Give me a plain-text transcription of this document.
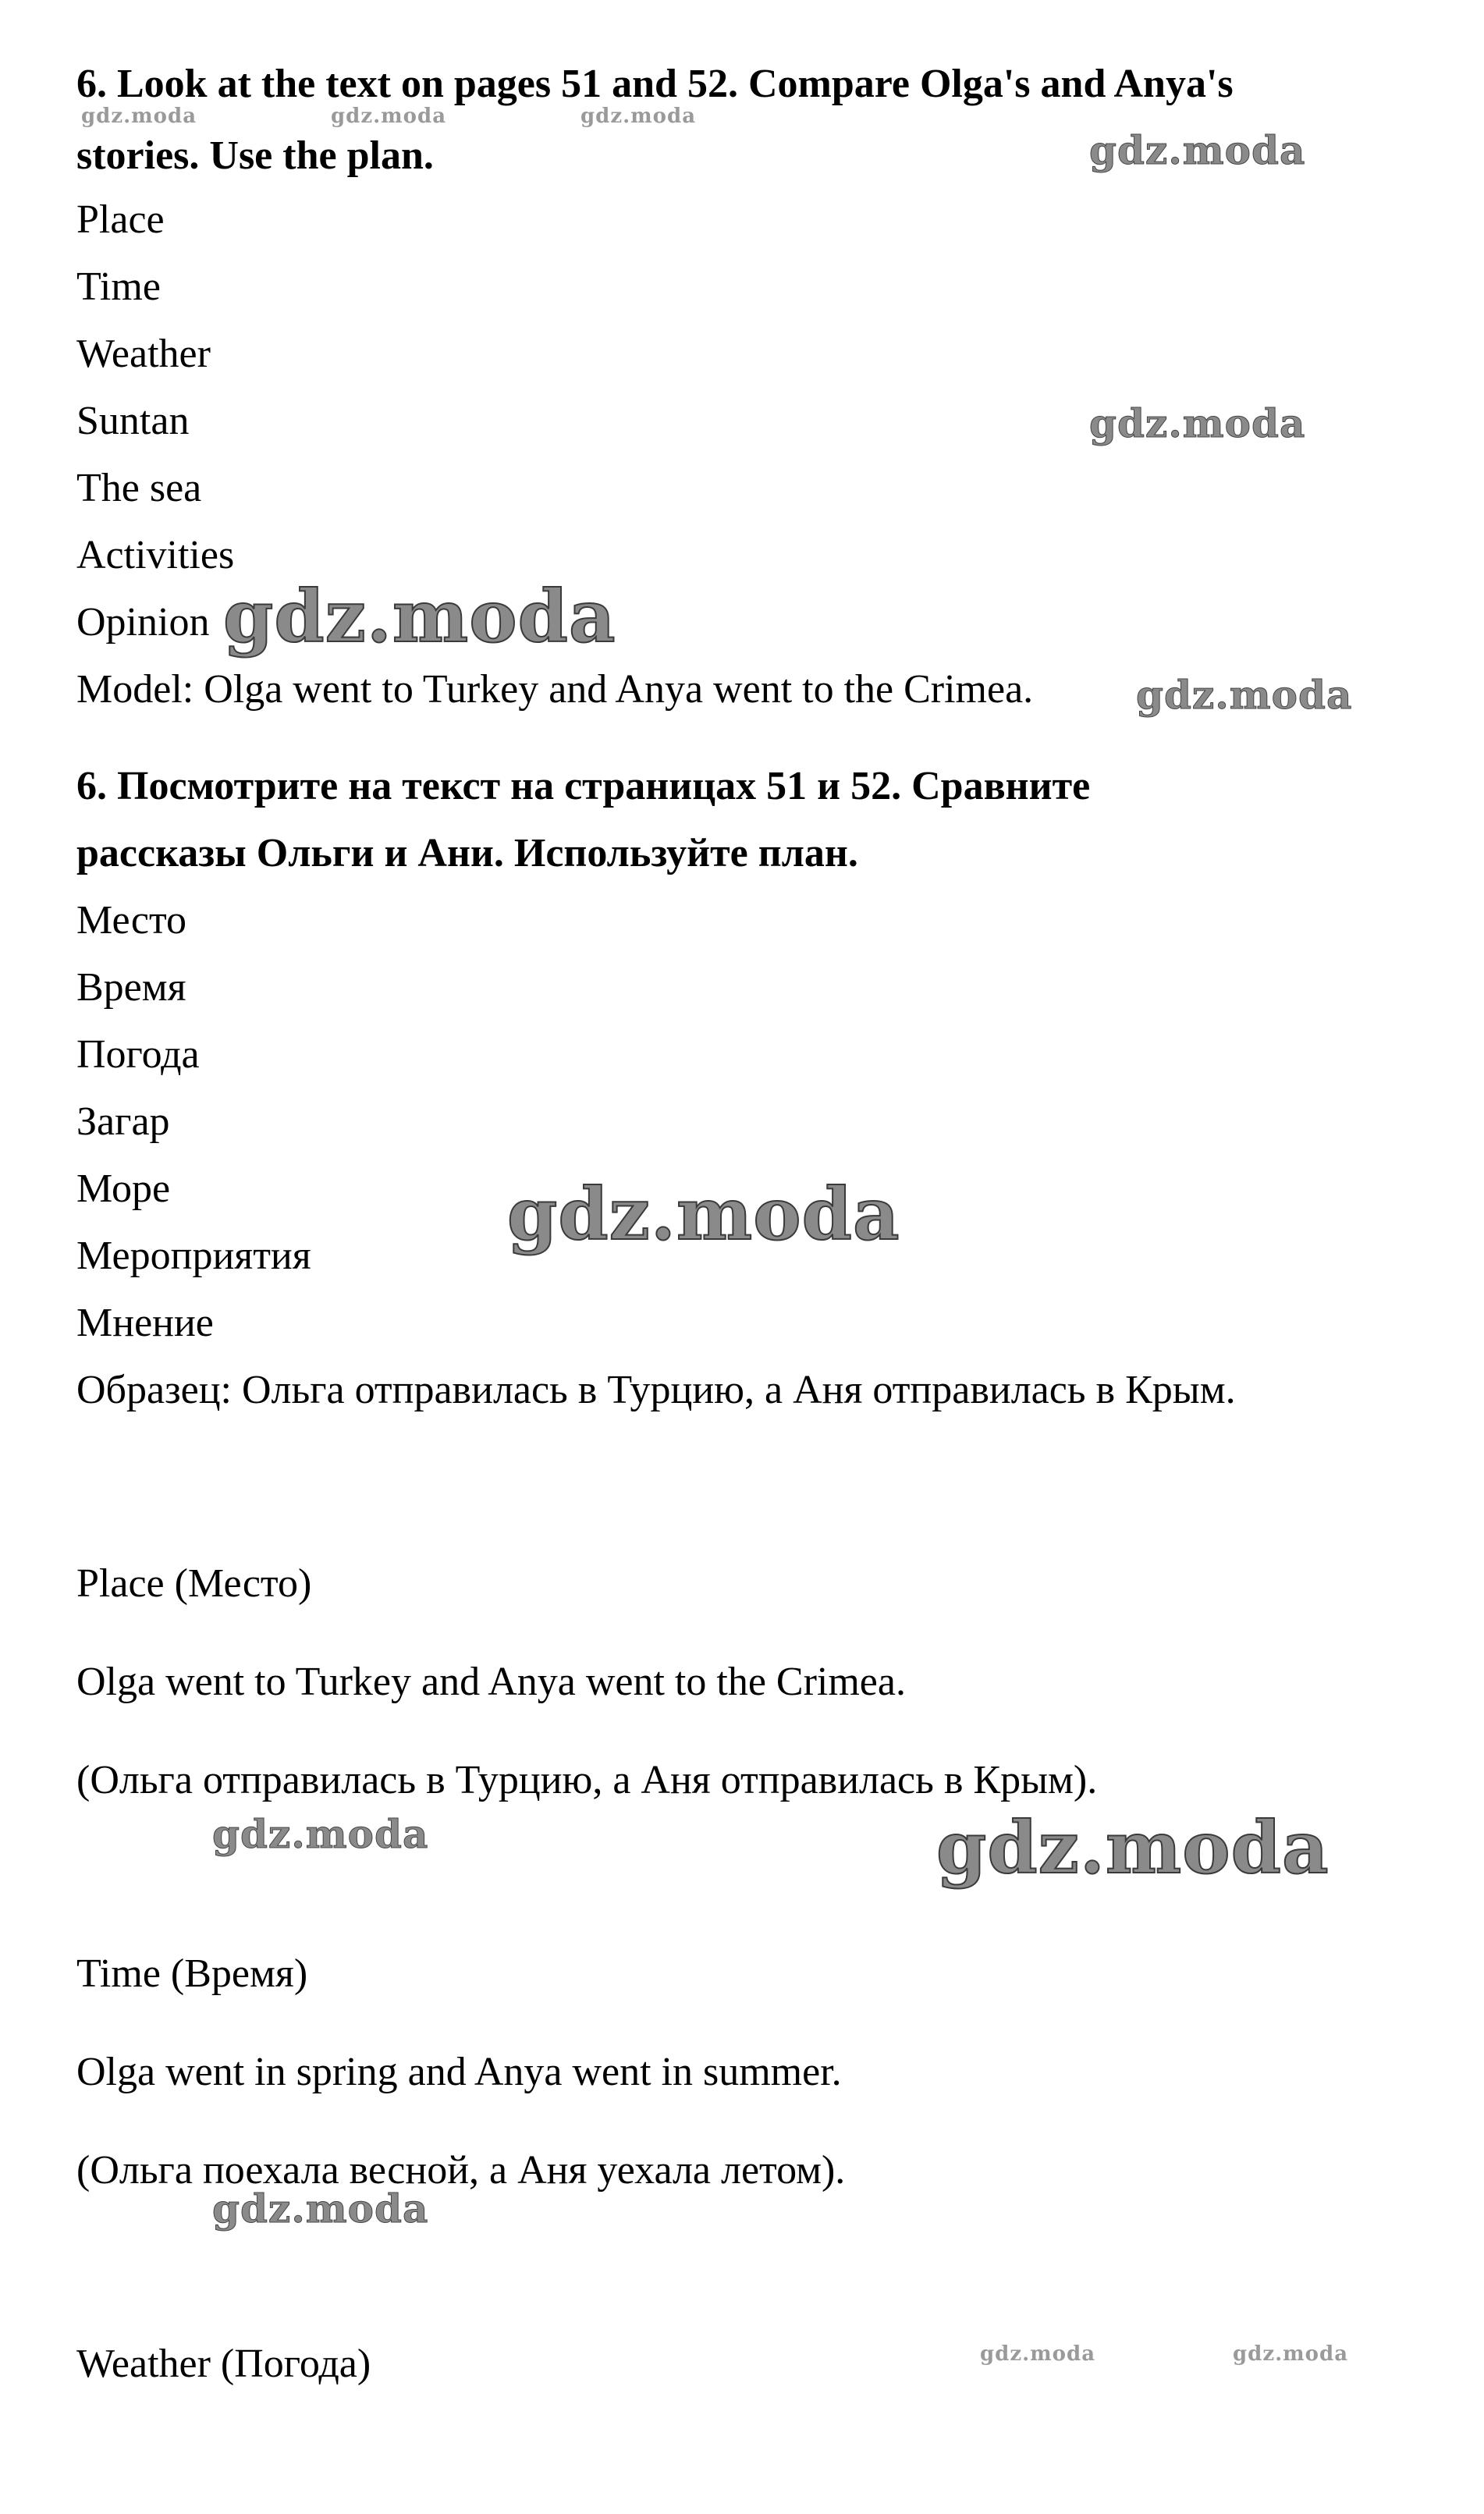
6. Look at the text on pages 51 and 52. Compare Olga's and Anya's
stories. Use the plan.
Place
Time
Weather
Suntan
The sea
Activities
Opinion
Model: Olga went to Turkey and Anya went to the Crimea.
6. Посмотрите на текст на страницах 51 и 52. Сравните
рассказы Ольги и Ани. Используйте план.
Место
Время
Погода
Загар
Море
Мероприятия
Мнение
Образец: Ольга отправилась в Турцию, а Аня отправилась в Крым.
Place (Место)
Olga went to Turkey and Anya went to the Crimea.
(Ольга отправилась в Турцию, а Аня отправилась в Крым).
Time (Время)
Olga went in spring and Anya went in summer.
(Ольга поехала весной, а Аня уехала летом).
Weather (Погода)
gdz.moda	gdz.moda	gdz.moda
gdz.moda
gdz.moda
gdz.moda
gdz.moda
gdz.moda
gdz.moda	gdz.moda
gdz.moda
gdz.moda	gdz.moda
